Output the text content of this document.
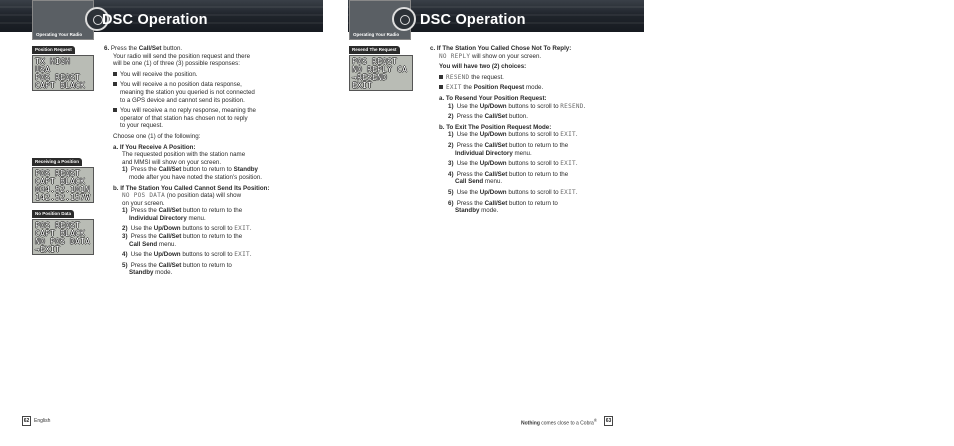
Operating Your Radio
DSC Operation
Operating Your Radio
DSC Operation
Position Request
TX HIGH
USA
POS REQST
CAPT BLACK
Receiving a Position
POS REQST
CAPT BLACK
034.52.101N
142.52.157W
No Position Data
POS REQST
CAPT BLACK
NO POS DATA
→EXIT

6. Press the Call/Set button.

Your radio will send the position request and there

will be one (1) of three (3) possible responses:

You will receive the position.

You will receive a no position data response,

meaning the station you queried is not connected

to a GPS device and cannot send its position.

You will receive a no reply response, meaning the

operator of that station has chosen not to reply

to your request.

Choose one (1) of the following:

a. If You Receive A Position:

The requested position with the station name

and MMSI will show on your screen.

1) Press the Call/Set button to return to Standby

mode after you have noted the station’s position.

b. If The Station You Called Cannot Send Its Position:

NO POS DATA (no position data) will show

on your screen.

1) Press the Call/Set button to return to the

Individual Directory menu.

2) Use the Up/Down buttons to scroll to EXIT.

3) Press the Call/Set button to return to the

Call Send menu.

4) Use the Up/Down buttons to scroll to EXIT.

5) Press the Call/Set button to return to

Standby mode.

Resend The Request
POS REQST
NO REPLY CA
→RESEND
EXIT

c. If The Station You Called Chose Not To Reply:

NO REPLY will show on your screen.

You will have two (2) choices:

RESEND the request.

EXIT the Position Request mode.

a. To Resend Your Position Request:

1) Use the Up/Down buttons to scroll to RESEND.

2) Press the Call/Set button.

b. To Exit The Position Request Mode:

1) Use the Up/Down buttons to scroll to EXIT.

2) Press the Call/Set button to return to the

Individual Directory menu.

3) Use the Up/Down buttons to scroll to EXIT.

4) Press the Call/Set button to return to the

Call Send menu.

5) Use the Up/Down buttons to scroll to EXIT.

6) Press the Call/Set button to return to

Standby mode.

62 English	Nothing comes close to a Cobra®	63
